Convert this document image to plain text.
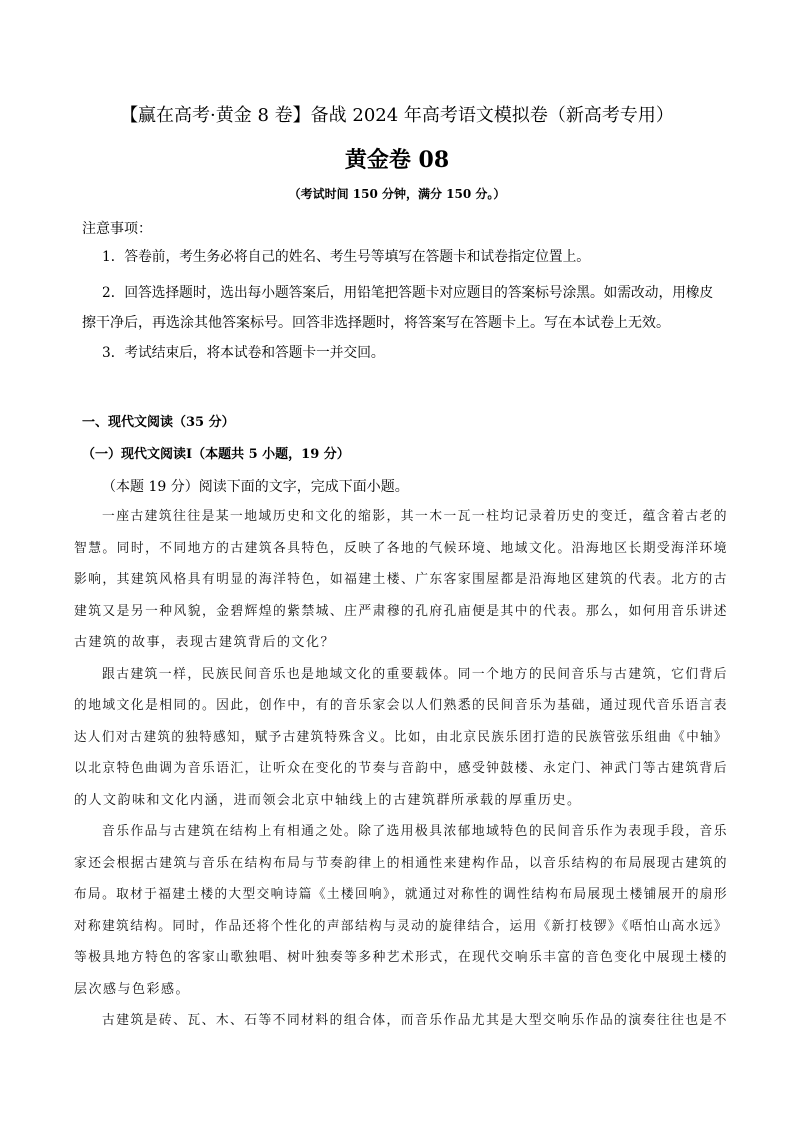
【赢在高考·黄金 8 卷】备战 2024 年高考语文模拟卷（新高考专用）
黄金卷 08
（考试时间 150 分钟，满分 150 分。）
注意事项：
1．答卷前，考生务必将自己的姓名、考生号等填写在答题卡和试卷指定位置上。
2．回答选择题时，选出每小题答案后，用铅笔把答题卡对应题目的答案标号涂黑。如需改动，用橡皮
擦干净后，再选涂其他答案标号。回答非选择题时，将答案写在答题卡上。写在本试卷上无效。
3．考试结束后，将本试卷和答题卡一并交回。
一、现代文阅读（35 分）
（一）现代文阅读Ⅰ（本题共 5 小题，19 分）
（本题 19 分）阅读下面的文字，完成下面小题。
一座古建筑往往是某一地域历史和文化的缩影，其一木一瓦一柱均记录着历史的变迁，蕴含着古老的
智慧。同时，不同地方的古建筑各具特色，反映了各地的气候环境、地域文化。沿海地区长期受海洋环境
影响，其建筑风格具有明显的海洋特色，如福建土楼、广东客家围屋都是沿海地区建筑的代表。北方的古
建筑又是另一种风貌，金碧辉煌的紫禁城、庄严肃穆的孔府孔庙便是其中的代表。那么，如何用音乐讲述
古建筑的故事，表现古建筑背后的文化？
跟古建筑一样，民族民间音乐也是地域文化的重要载体。同一个地方的民间音乐与古建筑，它们背后
的地域文化是相同的。因此，创作中，有的音乐家会以人们熟悉的民间音乐为基础，通过现代音乐语言表
达人们对古建筑的独特感知，赋予古建筑特殊含义。比如，由北京民族乐团打造的民族管弦乐组曲《中轴》
以北京特色曲调为音乐语汇，让听众在变化的节奏与音韵中，感受钟鼓楼、永定门、神武门等古建筑背后
的人文韵味和文化内涵，进而领会北京中轴线上的古建筑群所承载的厚重历史。
音乐作品与古建筑在结构上有相通之处。除了选用极具浓郁地域特色的民间音乐作为表现手段，音乐
家还会根据古建筑与音乐在结构布局与节奏韵律上的相通性来建构作品，以音乐结构的布局展现古建筑的
布局。取材于福建土楼的大型交响诗篇《土楼回响》，就通过对称性的调性结构布局展现土楼铺展开的扇形
对称建筑结构。同时，作品还将个性化的声部结构与灵动的旋律结合，运用《新打枝锣》《唔怕山高水远》
等极具地方特色的客家山歌独唱、树叶独奏等多种艺术形式，在现代交响乐丰富的音色变化中展现土楼的
层次感与色彩感。
古建筑是砖、瓦、木、石等不同材料的组合体，而音乐作品尤其是大型交响乐作品的演奏往往也是不
